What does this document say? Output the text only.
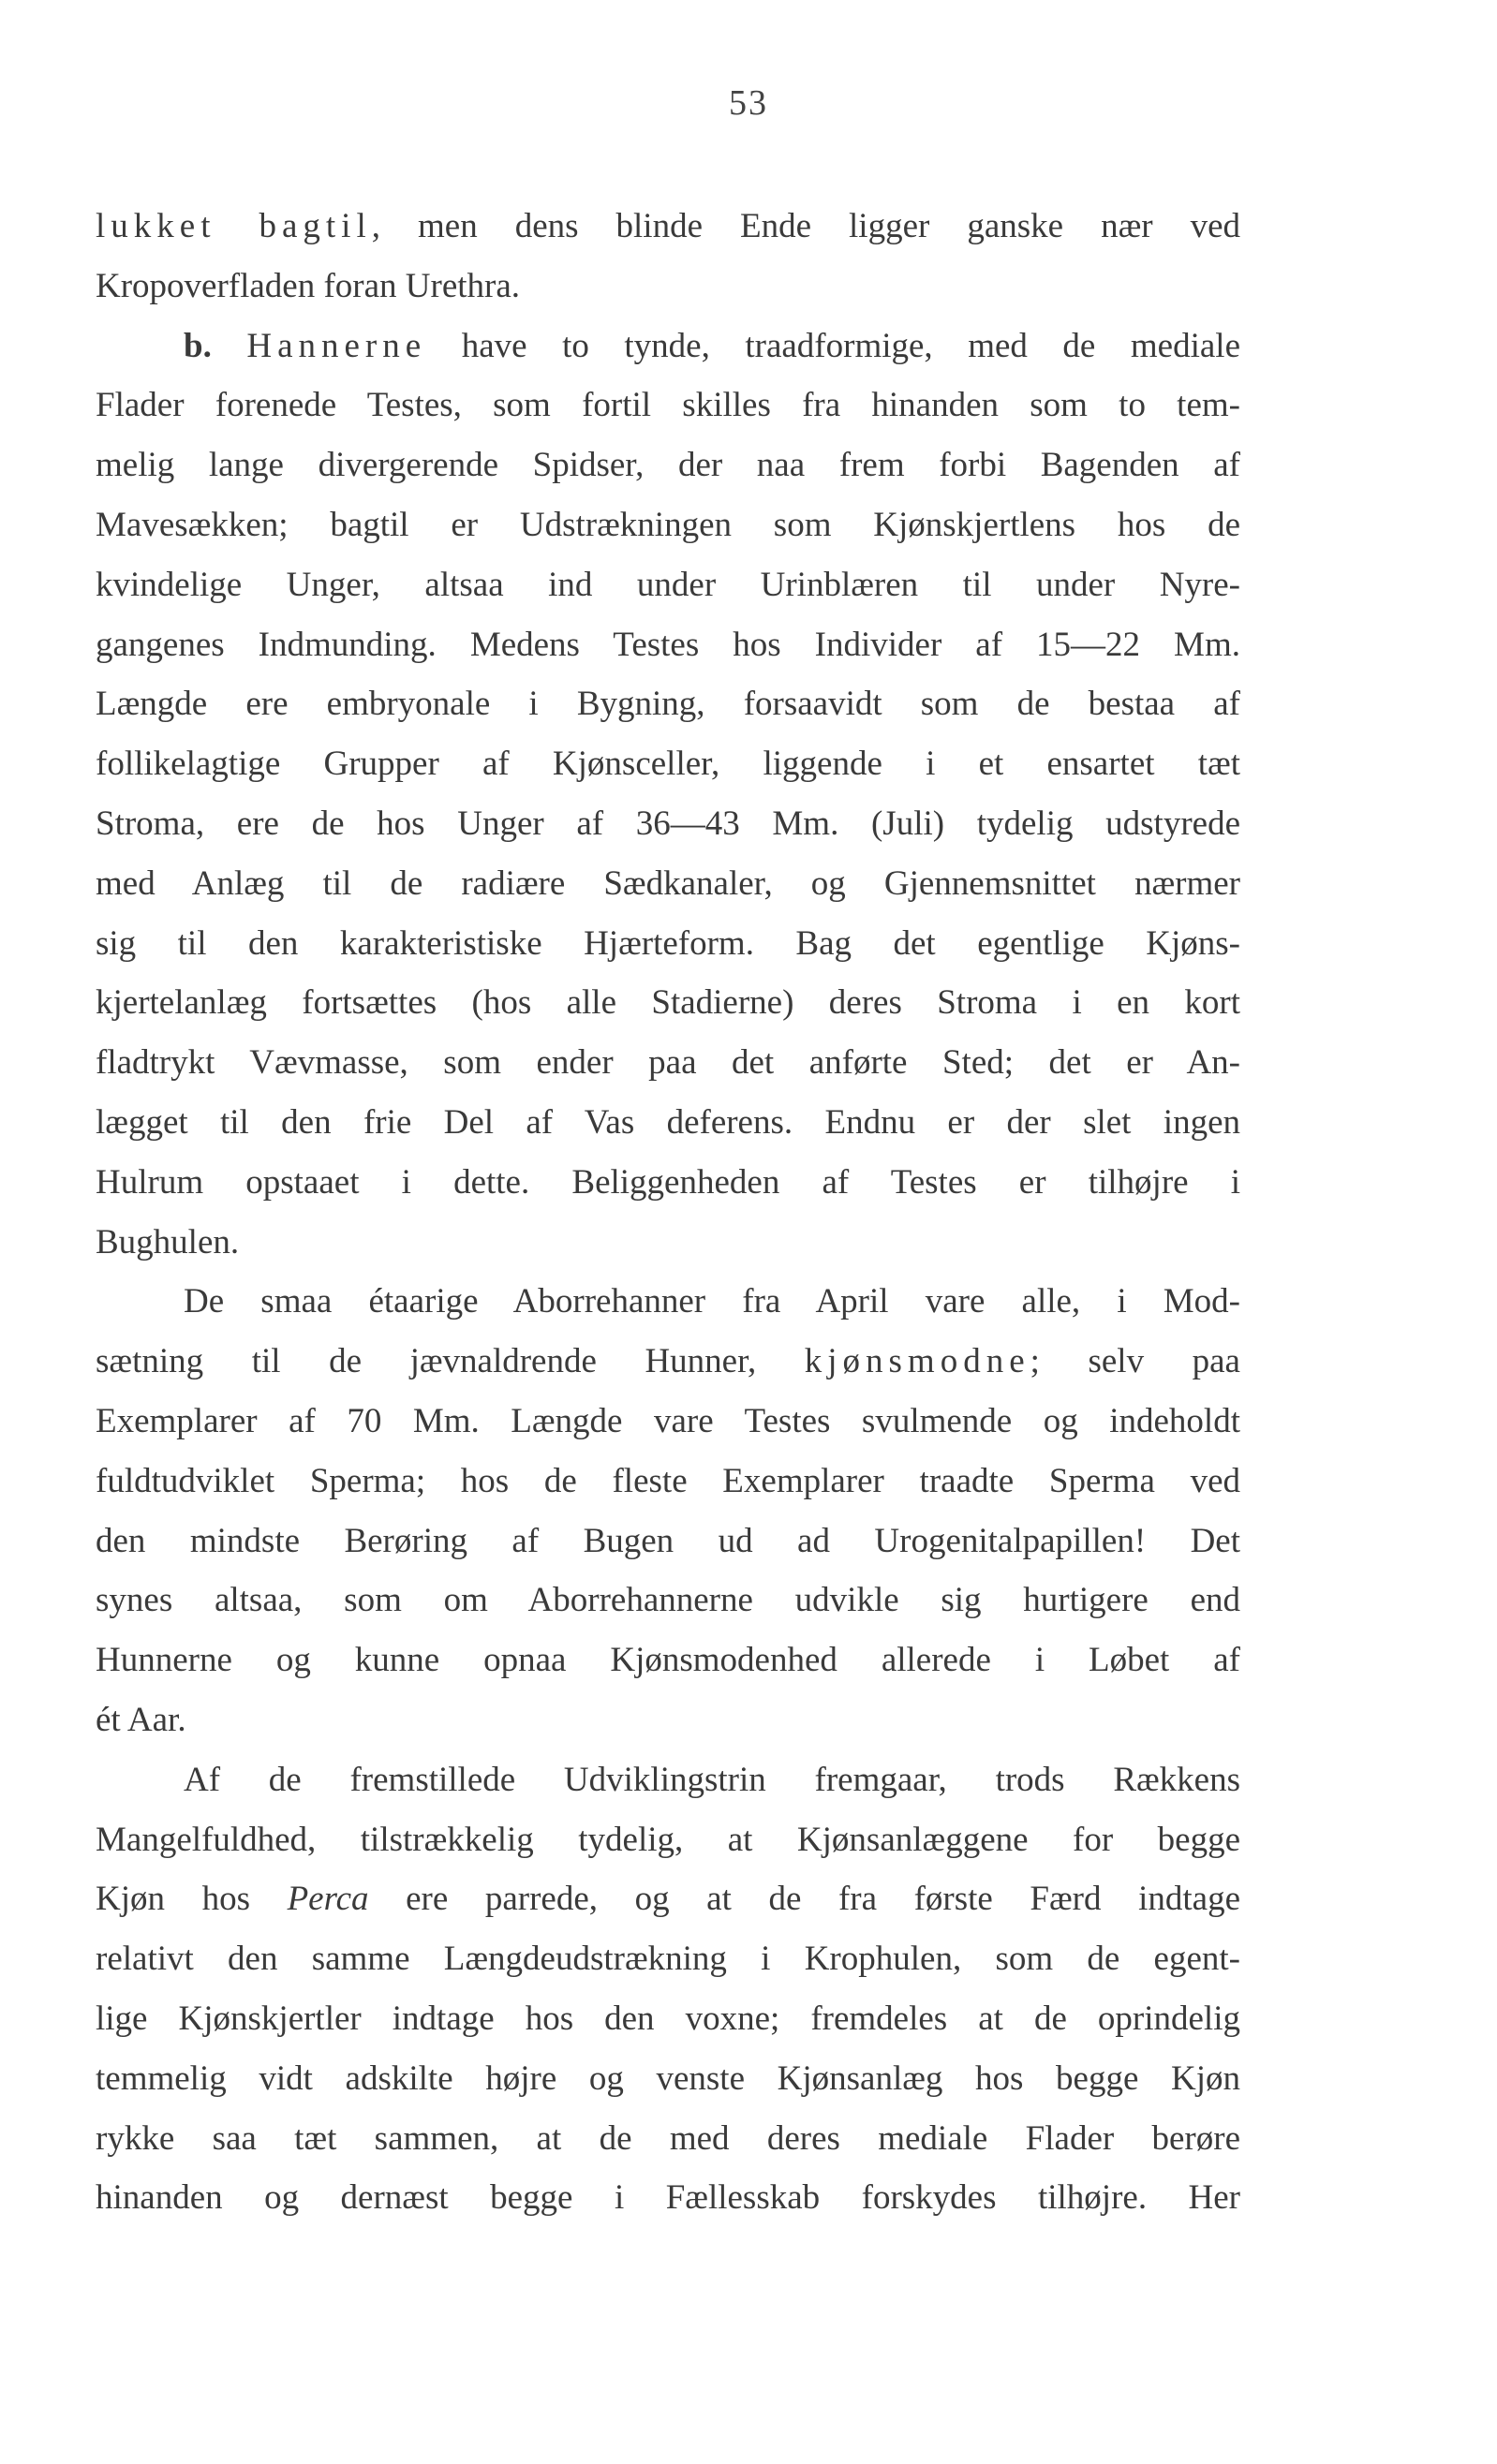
53
lukket bagtil, men dens blinde Ende ligger ganske nær ved
Kropoverfladen foran Urethra.
b. Hannerne have to tynde, traadformige, med de mediale
Flader forenede Testes, som fortil skilles fra hinanden som to tem-
melig lange divergerende Spidser, der naa frem forbi Bagenden af
Mavesækken; bagtil er Udstrækningen som Kjønskjertlens hos de
kvindelige Unger, altsaa ind under Urinblæren til under Nyre-
gangenes Indmunding. Medens Testes hos Individer af 15—22 Mm.
Længde ere embryonale i Bygning, forsaavidt som de bestaa af
follikelagtige Grupper af Kjønsceller, liggende i et ensartet tæt
Stroma, ere de hos Unger af 36—43 Mm. (Juli) tydelig udstyrede
med Anlæg til de radiære Sædkanaler, og Gjennemsnittet nærmer
sig til den karakteristiske Hjærteform. Bag det egentlige Kjøns-
kjertelanlæg fortsættes (hos alle Stadierne) deres Stroma i en kort
fladtrykt Vævmasse, som ender paa det anførte Sted; det er An-
lægget til den frie Del af Vas deferens. Endnu er der slet ingen
Hulrum opstaaet i dette. Beliggenheden af Testes er tilhøjre i
Bughulen.
De smaa étaarige Aborrehanner fra April vare alle, i Mod-
sætning til de jævnaldrende Hunner, kjønsmodne; selv paa
Exemplarer af 70 Mm. Længde vare Testes svulmende og indeholdt
fuldtudviklet Sperma; hos de fleste Exemplarer traadte Sperma ved
den mindste Berøring af Bugen ud ad Urogenitalpapillen! Det
synes altsaa, som om Aborrehannerne udvikle sig hurtigere end
Hunnerne og kunne opnaa Kjønsmodenhed allerede i Løbet af
ét Aar.
Af de fremstillede Udviklingstrin fremgaar, trods Rækkens
Mangelfuldhed, tilstrækkelig tydelig, at Kjønsanlæggene for begge
Kjøn hos Perca ere parrede, og at de fra første Færd indtage
relativt den samme Længdeudstrækning i Krophulen, som de egent-
lige Kjønskjertler indtage hos den voxne; fremdeles at de oprindelig
temmelig vidt adskilte højre og venste Kjønsanlæg hos begge Kjøn
rykke saa tæt sammen, at de med deres mediale Flader berøre
hinanden og dernæst begge i Fællesskab forskydes tilhøjre. Her
